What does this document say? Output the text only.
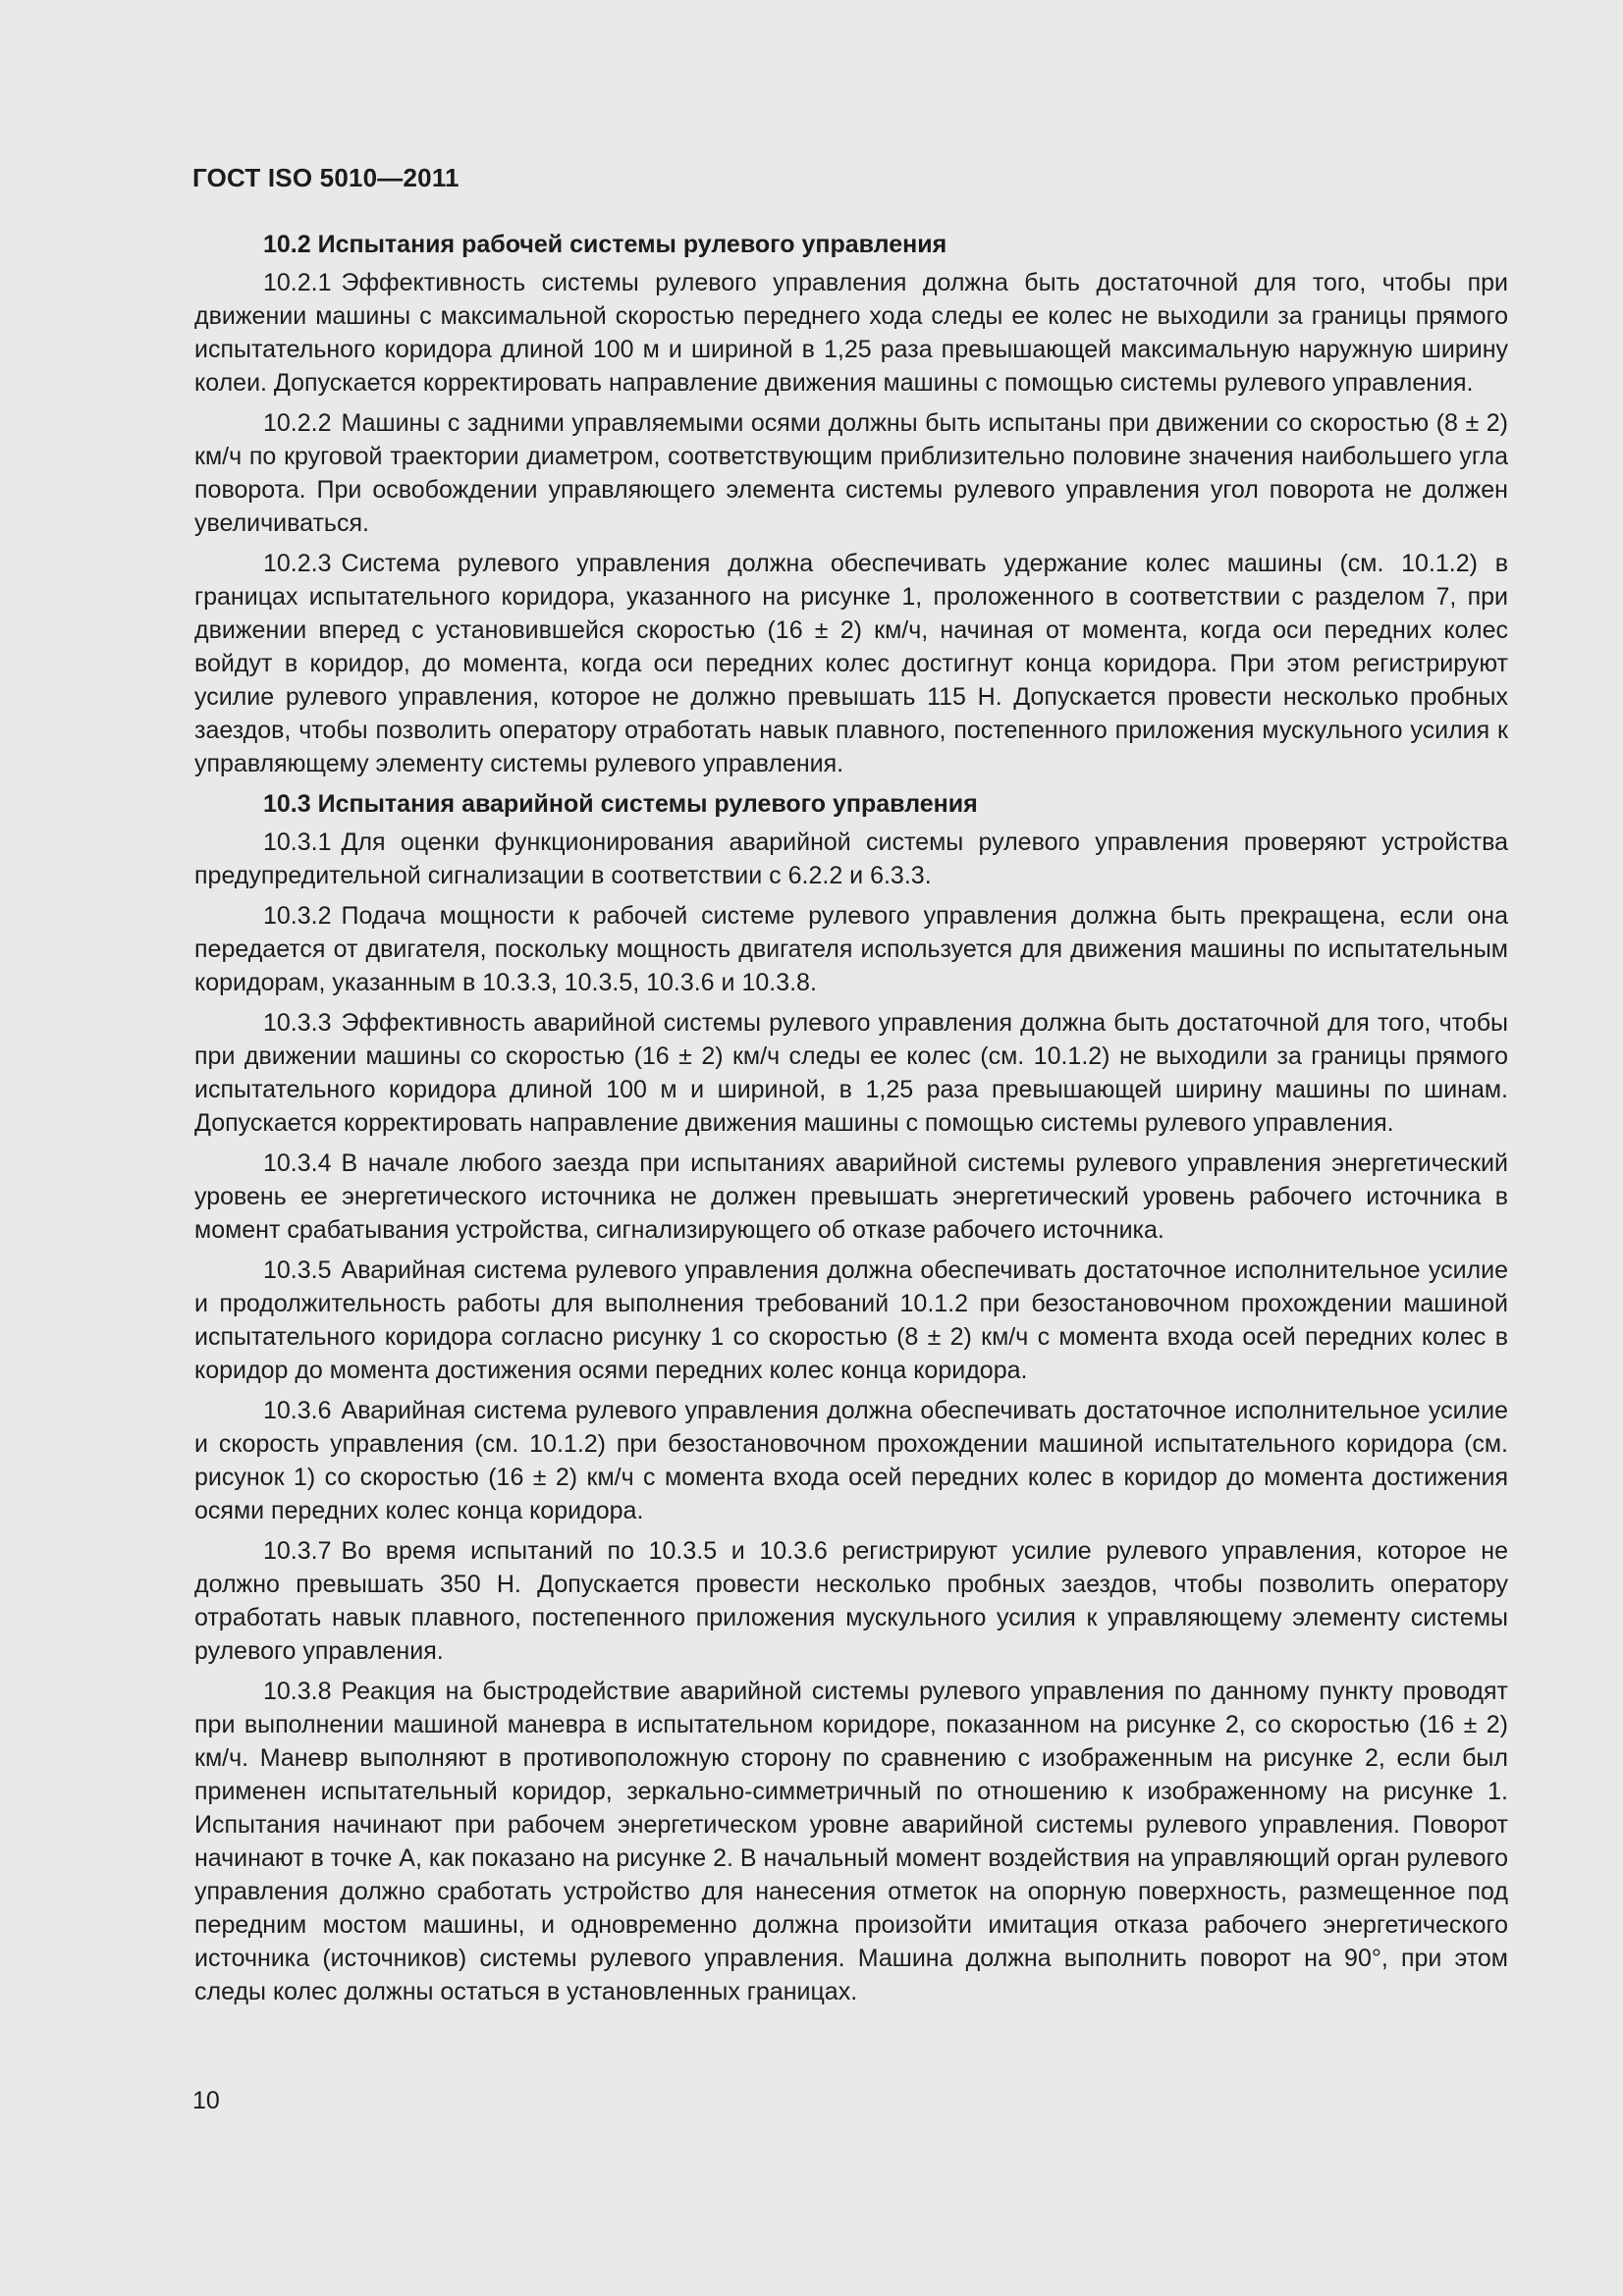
ГОСТ ISO 5010—2011
10.2 Испытания рабочей системы рулевого управления

10.2.1 Эффективность системы рулевого управления должна быть достаточной для того, чтобы при движении машины с максимальной скоростью переднего хода следы ее колес не выходили за границы прямого испытательного коридора длиной 100 м и шириной в 1,25 раза превышающей максимальную наружную ширину колеи. Допускается корректировать направление движения машины с помощью системы рулевого управления.

10.2.2 Машины с задними управляемыми осями должны быть испытаны при движении со скоростью (8 ± 2) км/ч по круговой траектории диаметром, соответствующим приблизительно половине значения наибольшего угла поворота. При освобождении управляющего элемента системы рулевого управления угол поворота не должен увеличиваться.

10.2.3 Система рулевого управления должна обеспечивать удержание колес машины (см. 10.1.2) в границах испытательного коридора, указанного на рисунке 1, проложенного в соответствии с разделом 7, при движении вперед с установившейся скоростью (16 ± 2) км/ч, начиная от момента, когда оси передних колес войдут в коридор, до момента, когда оси передних колес достигнут конца коридора. При этом регистрируют усилие рулевого управления, которое не должно превышать 115 Н. Допускается провести несколько пробных заездов, чтобы позволить оператору отработать навык плавного, постепенного приложения мускульного усилия к управляющему элементу системы рулевого управления.

10.3 Испытания аварийной системы рулевого управления

10.3.1 Для оценки функционирования аварийной системы рулевого управления проверяют устройства предупредительной сигнализации в соответствии с 6.2.2 и 6.3.3.

10.3.2 Подача мощности к рабочей системе рулевого управления должна быть прекращена, если она передается от двигателя, поскольку мощность двигателя используется для движения машины по испытательным коридорам, указанным в 10.3.3, 10.3.5, 10.3.6 и 10.3.8.

10.3.3 Эффективность аварийной системы рулевого управления должна быть достаточной для того, чтобы при движении машины со скоростью (16 ± 2) км/ч следы ее колес (см. 10.1.2) не выходили за границы прямого испытательного коридора длиной 100 м и шириной, в 1,25 раза превышающей ширину машины по шинам. Допускается корректировать направление движения машины с помощью системы рулевого управления.

10.3.4 В начале любого заезда при испытаниях аварийной системы рулевого управления энергетический уровень ее энергетического источника не должен превышать энергетический уровень рабочего источника в момент срабатывания устройства, сигнализирующего об отказе рабочего источника.

10.3.5 Аварийная система рулевого управления должна обеспечивать достаточное исполнительное усилие и продолжительность работы для выполнения требований 10.1.2 при безостановочном прохождении машиной испытательного коридора согласно рисунку 1 со скоростью (8 ± 2) км/ч с момента входа осей передних колес в коридор до момента достижения осями передних колес конца коридора.

10.3.6 Аварийная система рулевого управления должна обеспечивать достаточное исполнительное усилие и скорость управления (см. 10.1.2) при безостановочном прохождении машиной испытательного коридора (см. рисунок 1) со скоростью (16 ± 2) км/ч с момента входа осей передних колес в коридор до момента достижения осями передних колес конца коридора.

10.3.7 Во время испытаний по 10.3.5 и 10.3.6 регистрируют усилие рулевого управления, которое не должно превышать 350 Н. Допускается провести несколько пробных заездов, чтобы позволить оператору отработать навык плавного, постепенного приложения мускульного усилия к управляющему элементу системы рулевого управления.

10.3.8 Реакция на быстродействие аварийной системы рулевого управления по данному пункту проводят при выполнении машиной маневра в испытательном коридоре, показанном на рисунке 2, со скоростью (16 ± 2) км/ч. Маневр выполняют в противоположную сторону по сравнению с изображенным на рисунке 2, если был применен испытательный коридор, зеркально-симметричный по отношению к изображенному на рисунке 1. Испытания начинают при рабочем энергетическом уровне аварийной системы рулевого управления. Поворот начинают в точке А, как показано на рисунке 2. В начальный момент воздействия на управляющий орган рулевого управления должно сработать устройство для нанесения отметок на опорную поверхность, размещенное под передним мостом машины, и одновременно должна произойти имитация отказа рабочего энергетического источника (источников) системы рулевого управления. Машина должна выполнить поворот на 90°, при этом следы колес должны остаться в установленных границах.

10
